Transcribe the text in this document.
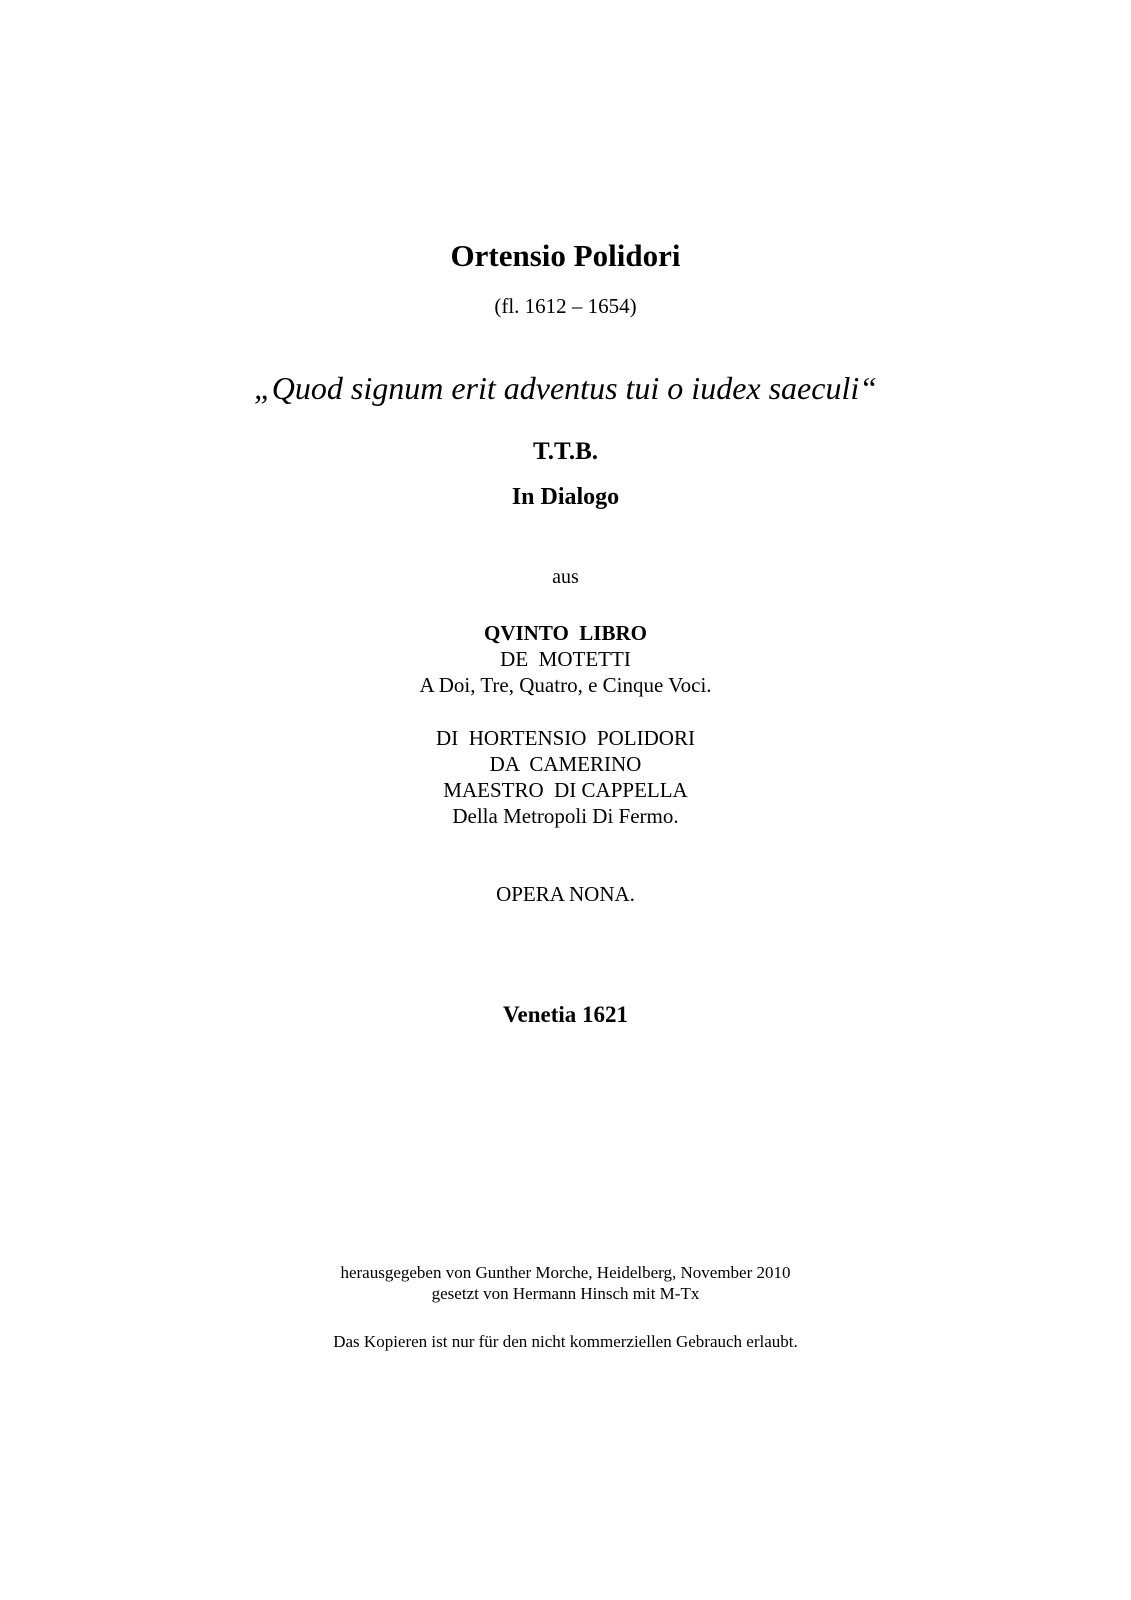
Ortensio Polidori
(fl. 1612 – 1654)
„Quod signum erit adventus tui o iudex saeculi“
T.T.B.
In Dialogo
aus
QVINTO  LIBRO
DE  MOTETTI
A Doi, Tre, Quatro, e Cinque Voci.
DI  HORTENSIO  POLIDORI
DA  CAMERINO
MAESTRO  DI CAPPELLA
Della Metropoli Di Fermo.
OPERA NONA.
Venetia 1621
herausgegeben von Gunther Morche, Heidelberg, November 2010
gesetzt von Hermann Hinsch mit M-Tx
Das Kopieren ist nur für den nicht kommerziellen Gebrauch erlaubt.
